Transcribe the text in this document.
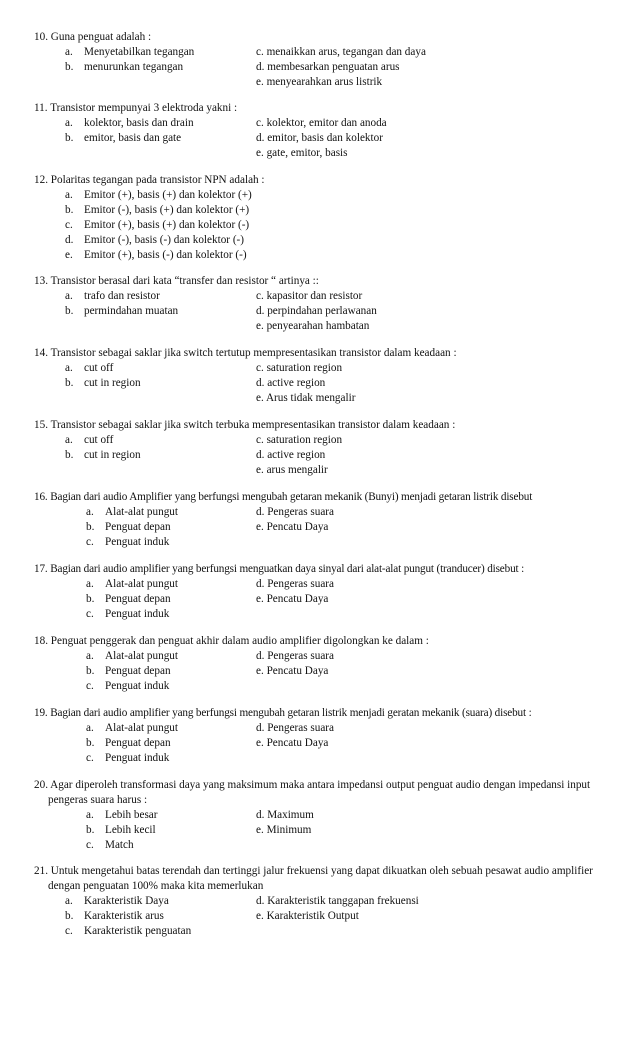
10. Guna penguat adalah :
a. Menyetabilkan tegangan
b. menurunkan tegangan
c. menaikkan arus, tegangan dan daya
d. membesarkan penguatan arus
e. menyearahkan arus listrik
11. Transistor mempunyai 3 elektroda yakni :
a. kolektor, basis dan drain
b. emitor, basis dan gate
c. kolektor, emitor dan anoda
d. emitor, basis dan kolektor
e. gate, emitor, basis
12. Polaritas tegangan pada transistor NPN adalah :
a. Emitor (+), basis (+) dan kolektor (+)
b. Emitor (-), basis (+) dan kolektor (+)
c. Emitor (+), basis (+) dan kolektor (-)
d. Emitor (-), basis (-) dan kolektor (-)
e. Emitor (+), basis (-) dan kolektor (-)
13. Transistor berasal dari kata “transfer dan resistor “ artinya ::
a. trafo dan resistor
b. permindahan muatan
c. kapasitor dan resistor
d. perpindahan perlawanan
e. penyearahan hambatan
14. Transistor sebagai saklar jika switch tertutup mempresentasikan transistor dalam keadaan :
a. cut off
b. cut in region
c. saturation region
d. active region
e. Arus tidak mengalir
15. Transistor sebagai saklar jika switch terbuka mempresentasikan transistor dalam keadaan :
a. cut off
b. cut in region
c. saturation region
d. active region
e. arus mengalir
16. Bagian dari audio Amplifier yang berfungsi mengubah getaran mekanik (Bunyi) menjadi getaran listrik disebut
a. Alat-alat pungut
b. Penguat depan
c. Penguat induk
d. Pengeras suara
e. Pencatu Daya
17. Bagian dari audio amplifier yang berfungsi menguatkan daya sinyal dari alat-alat pungut (tranducer) disebut :
a. Alat-alat pungut
b. Penguat depan
c. Penguat induk
d. Pengeras suara
e. Pencatu Daya
18. Penguat penggerak dan penguat akhir dalam audio amplifier digolongkan ke dalam :
a. Alat-alat pungut
b. Penguat depan
c. Penguat induk
d. Pengeras suara
e. Pencatu Daya
19. Bagian dari audio amplifier yang berfungsi mengubah getaran listrik menjadi geratan mekanik (suara) disebut :
a. Alat-alat pungut
b. Penguat depan
c. Penguat induk
d. Pengeras suara
e. Pencatu Daya
20. Agar diperoleh transformasi daya yang maksimum maka antara impedansi output penguat audio dengan impedansi input pengeras suara harus :
a. Lebih besar
b. Lebih kecil
c. Match
d. Maximum
e. Minimum
21. Untuk mengetahui batas terendah dan tertinggi jalur frekuensi yang dapat dikuatkan oleh sebuah pesawat audio amplifier dengan penguatan 100% maka kita memerlukan
a. Karakteristik Daya
b. Karakteristik arus
c. Karakteristik penguatan
d. Karakteristik tanggapan frekuensi
e. Karakteristik Output
